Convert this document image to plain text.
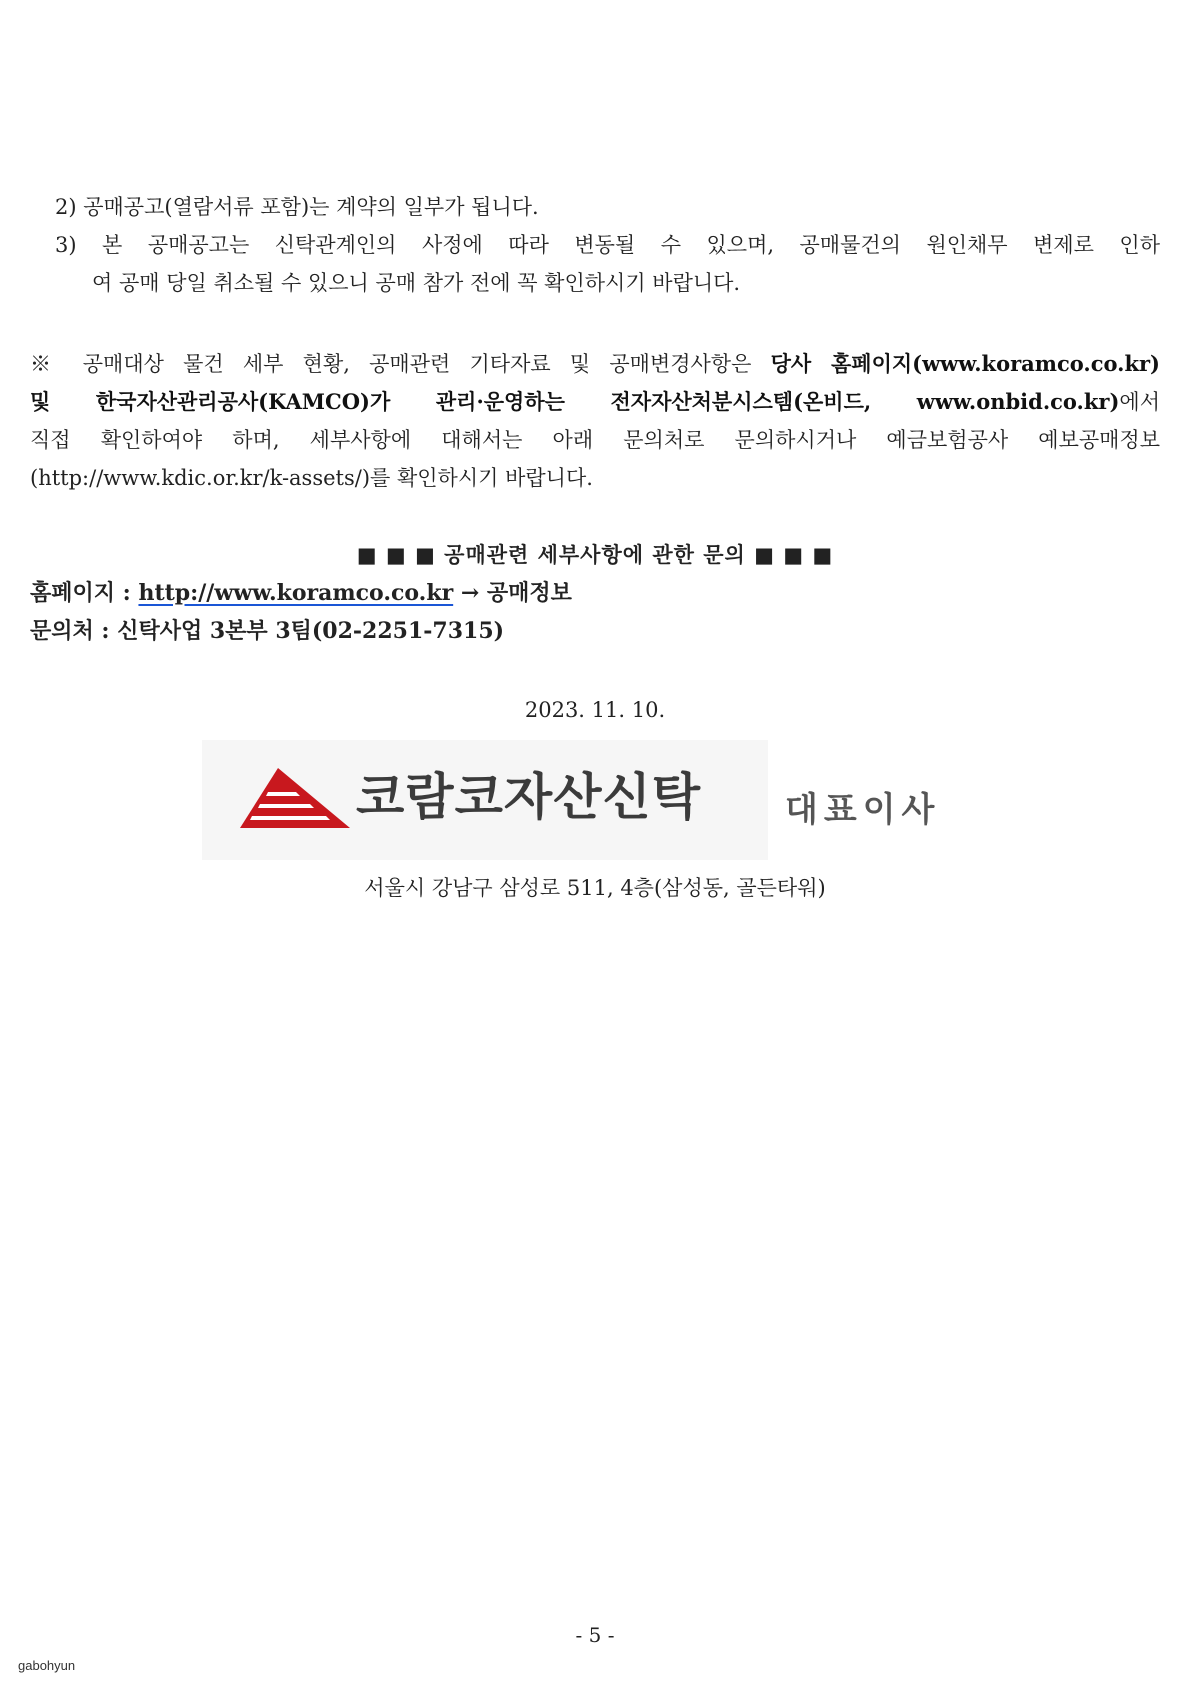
2) 공매공고(열람서류 포함)는 계약의 일부가 됩니다.
3) 본 공매공고는 신탁관계인의 사정에 따라 변동될 수 있으며, 공매물건의 원인채무 변제로 인하
여 공매 당일 취소될 수 있으니 공매 참가 전에 꼭 확인하시기 바랍니다.
※ 공매대상 물건 세부 현황, 공매관련 기타자료 및 공매변경사항은 당사 홈페이지(www.koramco.co.kr)
및 한국자산관리공사(KAMCO)가 관리·운영하는 전자자산처분시스템(온비드, www.onbid.co.kr)에서
직접 확인하여야 하며, 세부사항에 대해서는 아래 문의처로 문의하시거나 예금보험공사 예보공매정보
(http://www.kdic.or.kr/k-assets/)를 확인하시기 바랍니다.
■ ■ ■ 공매관련 세부사항에 관한 문의 ■ ■ ■
홈페이지 : http://www.koramco.co.kr → 공매정보
문의처 : 신탁사업 3본부 3팀(02-2251-7315)
2023. 11. 10.
코람코자산신탁 대표이사
서울시 강남구 삼성로 511, 4층(삼성동, 골든타워)
- 5 -
gabohyun
